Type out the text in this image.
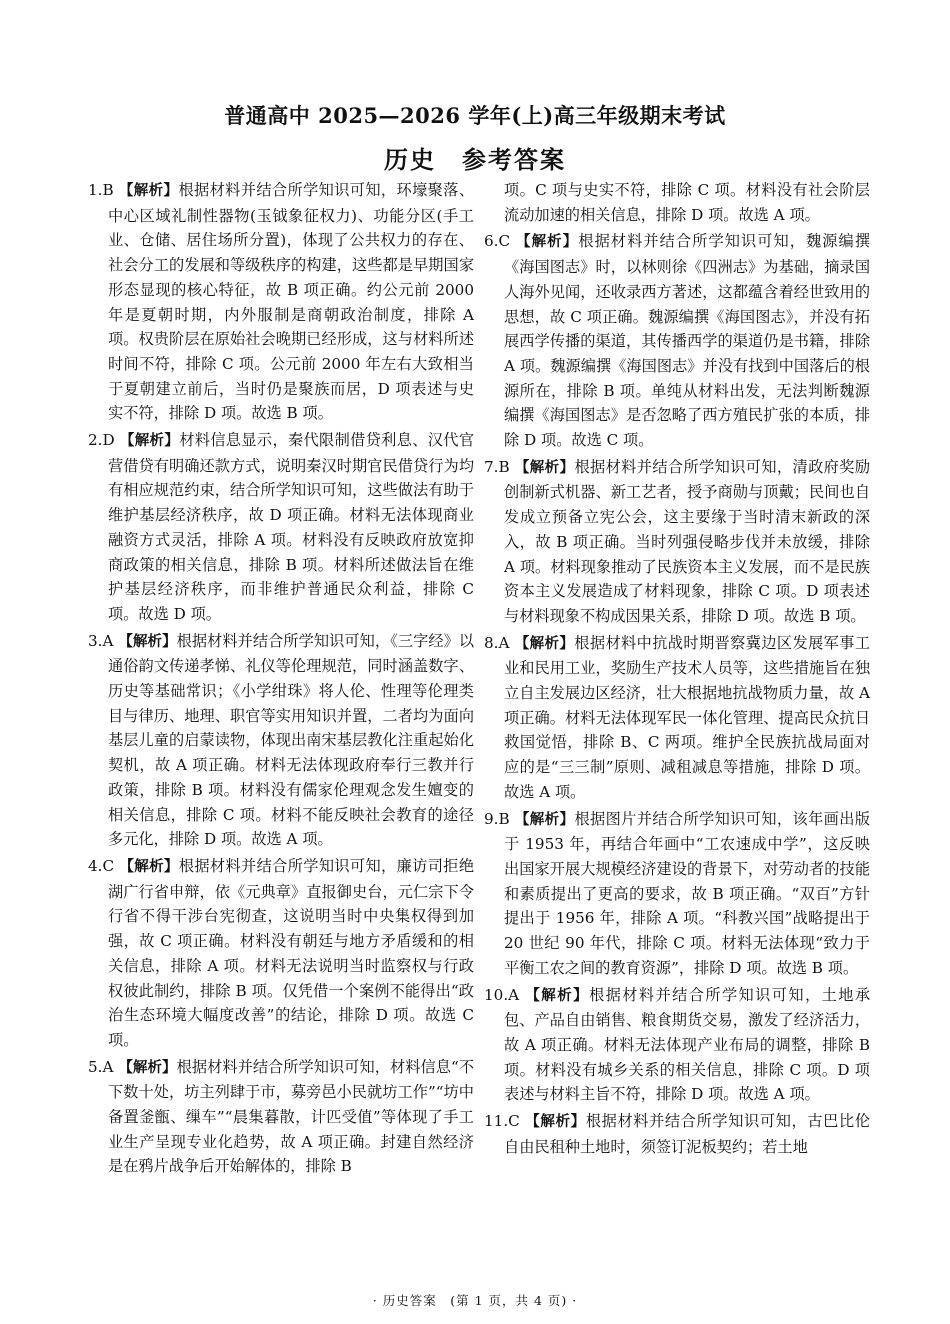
普通高中 2025—2026 学年(上)高三年级期末考试
历史　参考答案
1.B 【解析】根据材料并结合所学知识可知，环壕聚落、中心区域礼制性器物(玉钺象征权力)、功能分区(手工业、仓储、居住场所分置)，体现了公共权力的存在、社会分工的发展和等级秩序的构建，这些都是早期国家形态显现的核心特征，故 B 项正确。约公元前 2000 年是夏朝时期，内外服制是商朝政治制度，排除 A 项。权贵阶层在原始社会晚期已经形成，这与材料所述时间不符，排除 C 项。公元前 2000 年左右大致相当于夏朝建立前后，当时仍是聚族而居，D 项表述与史实不符，排除 D 项。故选 B 项。
2.D 【解析】材料信息显示，秦代限制借贷利息、汉代官营借贷有明确还款方式，说明秦汉时期官民借贷行为均有相应规范约束，结合所学知识可知，这些做法有助于维护基层经济秩序，故 D 项正确。材料无法体现商业融资方式灵活，排除 A 项。材料没有反映政府放宽抑商政策的相关信息，排除 B 项。材料所述做法旨在维护基层经济秩序，而非维护普通民众利益，排除 C 项。故选 D 项。
3.A 【解析】根据材料并结合所学知识可知，《三字经》以通俗韵文传递孝悌、礼仪等伦理规范，同时涵盖数字、历史等基础常识；《小学绀珠》将人伦、性理等伦理类目与律历、地理、职官等实用知识并置，二者均为面向基层儿童的启蒙读物，体现出南宋基层教化注重起始化契机，故 A 项正确。材料无法体现政府奉行三教并行政策，排除 B 项。材料没有儒家伦理观念发生嬗变的相关信息，排除 C 项。材料不能反映社会教育的途径多元化，排除 D 项。故选 A 项。
4.C 【解析】根据材料并结合所学知识可知，廉访司拒绝湖广行省申辩，依《元典章》直报御史台，元仁宗下令行省不得干涉台宪彻查，这说明当时中央集权得到加强，故 C 项正确。材料没有朝廷与地方矛盾缓和的相关信息，排除 A 项。材料无法说明当时监察权与行政权彼此制约，排除 B 项。仅凭借一个案例不能得出“政治生态环境大幅度改善”的结论，排除 D 项。故选 C 项。
5.A 【解析】根据材料并结合所学知识可知，材料信息“不下数十处，坊主列肆于市，募旁邑小民就坊工作”“坊中备置釜甑、缫车”“晨集暮散，计匹受值”等体现了手工业生产呈现专业化趋势，故 A 项正确。封建自然经济是在鸦片战争后开始解体的，排除 B
项。C 项与史实不符，排除 C 项。材料没有社会阶层流动加速的相关信息，排除 D 项。故选 A 项。
6.C 【解析】根据材料并结合所学知识可知，魏源编撰《海国图志》时，以林则徐《四洲志》为基础，摘录国人海外见闻，还收录西方著述，这都蕴含着经世致用的思想，故 C 项正确。魏源编撰《海国图志》，并没有拓展西学传播的渠道，其传播西学的渠道仍是书籍，排除 A 项。魏源编撰《海国图志》并没有找到中国落后的根源所在，排除 B 项。单纯从材料出发，无法判断魏源编撰《海国图志》是否忽略了西方殖民扩张的本质，排除 D 项。故选 C 项。
7.B 【解析】根据材料并结合所学知识可知，清政府奖励创制新式机器、新工艺者，授予商勋与顶戴；民间也自发成立预备立宪公会，这主要缘于当时清末新政的深入，故 B 项正确。当时列强侵略步伐并未放缓，排除 A 项。材料现象推动了民族资本主义发展，而不是民族资本主义发展造成了材料现象，排除 C 项。D 项表述与材料现象不构成因果关系，排除 D 项。故选 B 项。
8.A 【解析】根据材料中抗战时期晋察冀边区发展军事工业和民用工业，奖励生产技术人员等，这些措施旨在独立自主发展边区经济，壮大根据地抗战物质力量，故 A 项正确。材料无法体现军民一体化管理、提高民众抗日救国觉悟，排除 B、C 两项。维护全民族抗战局面对应的是“三三制”原则、减租减息等措施，排除 D 项。故选 A 项。
9.B 【解析】根据图片并结合所学知识可知，该年画出版于 1953 年，再结合年画中“工农速成中学”，这反映出国家开展大规模经济建设的背景下，对劳动者的技能和素质提出了更高的要求，故 B 项正确。“双百”方针提出于 1956 年，排除 A 项。“科教兴国”战略提出于 20 世纪 90 年代，排除 C 项。材料无法体现“致力于平衡工农之间的教育资源”，排除 D 项。故选 B 项。
10.A 【解析】根据材料并结合所学知识可知，土地承包、产品自由销售、粮食期货交易，激发了经济活力，故 A 项正确。材料无法体现产业布局的调整，排除 B 项。材料没有城乡关系的相关信息，排除 C 项。D 项表述与材料主旨不符，排除 D 项。故选 A 项。
11.C 【解析】根据材料并结合所学知识可知，古巴比伦自由民租种土地时，须签订泥板契约；若土地
· 历史答案　(第 1 页，共 4 页) ·
